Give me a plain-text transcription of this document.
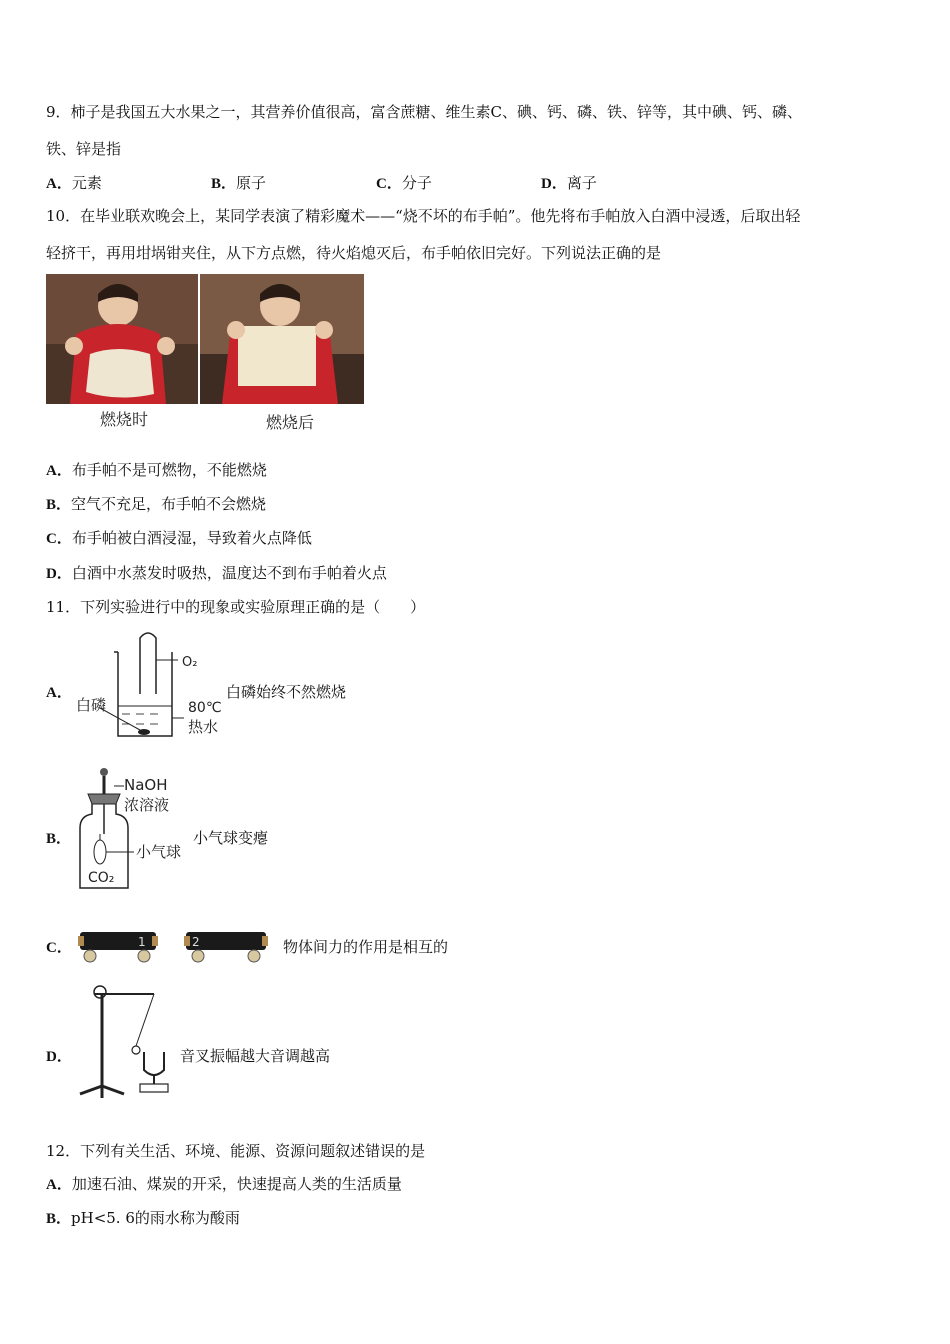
9．柿子是我国五大水果之一，其营养价值很高，富含蔗糖、维生素C、碘、钙、磷、铁、锌等，其中碘、钙、磷、
铁、锌是指
A．元素	B．原子	C．分子	D．离子
10．在毕业联欢晚会上，某同学表演了精彩魔术——“烧不坏的布手帕”。他先将布手帕放入白酒中浸透，后取出轻
轻挤干，再用坩埚钳夹住，从下方点燃，待火焰熄灭后，布手帕依旧完好。下列说法正确的是
燃烧时	燃烧后
A．布手帕不是可燃物，不能燃烧
B．空气不充足，布手帕不会燃烧
C．布手帕被白酒浸湿，导致着火点降低
D．白酒中水蒸发时吸热，温度达不到布手帕着火点
11．下列实验进行中的现象或实验原理正确的是（　　）
A．
O₂
白磷	80℃
热水
白磷始终不然燃烧
B．
NaOH
浓溶液
小气球
CO₂
小气球变瘪
C．	1	2	物体间力的作用是相互的
D．	音叉振幅越大音调越高
12．下列有关生活、环境、能源、资源问题叙述错误的是
A．加速石油、煤炭的开采，快速提高人类的生活质量
B．pH<5. 6的雨水称为酸雨
